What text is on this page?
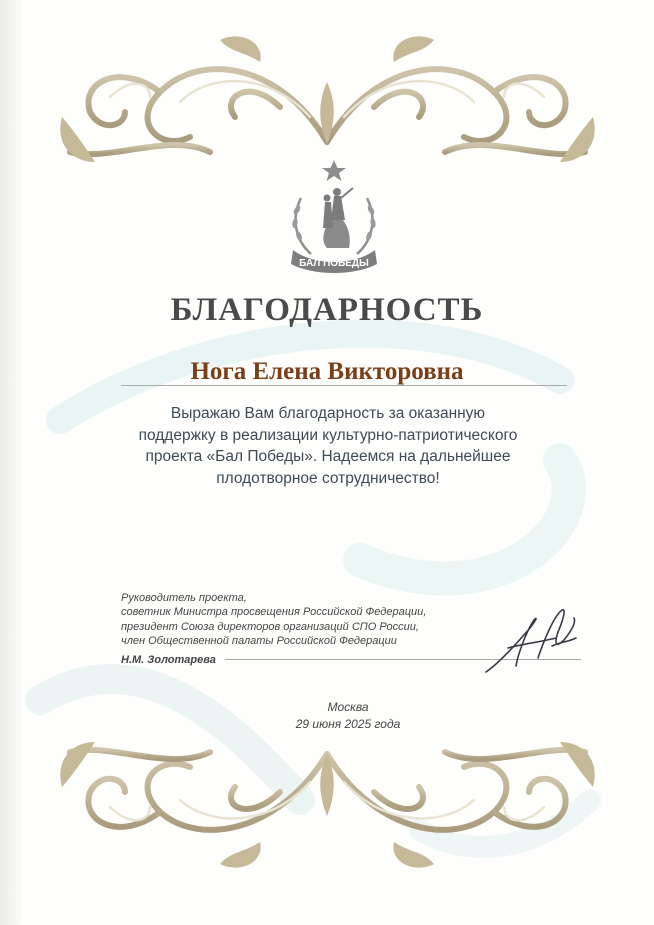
БАЛ ПОБЕДЫ
БЛАГОДАРНОСТЬ
Нога Елена Викторовна
Выражаю Вам благодарность за оказанную
поддержку в реализации культурно-патриотического
проекта «Бал Победы». Надеемся на дальнейшее
плодотворное сотрудничество!
Руководитель проекта,
советник Министра просвещения Российской Федерации,
президент Союза директоров организаций СПО России,
член Общественной палаты Российской Федерации
Н.М. Золотарева
Москва
29 июня 2025 года
